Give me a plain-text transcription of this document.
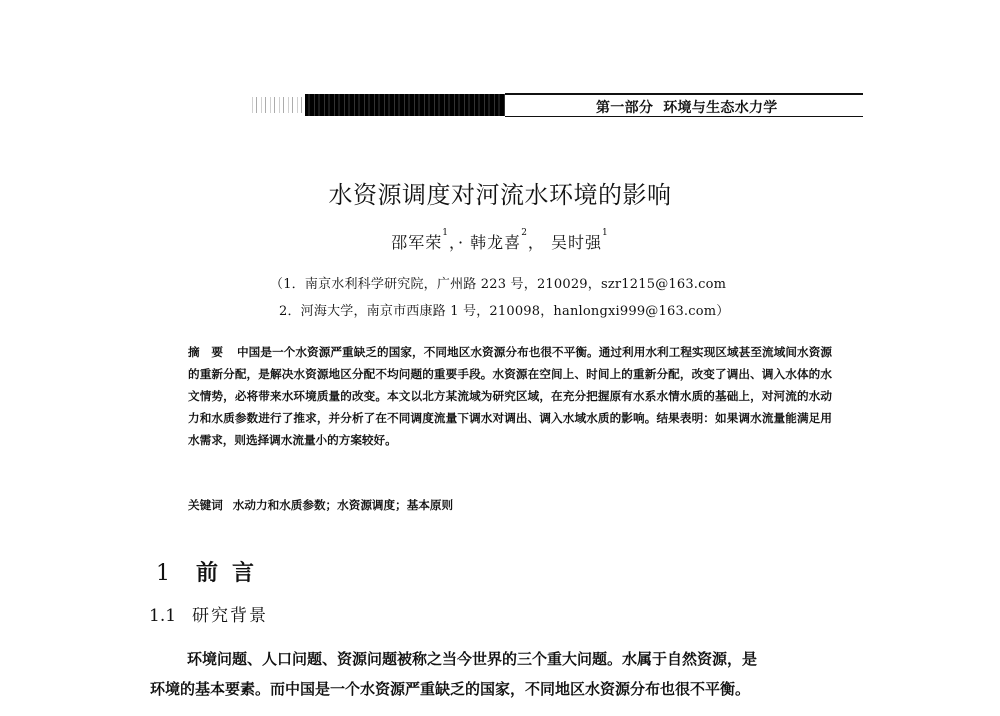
第一部分 环境与生态水力学
水资源调度对河流水环境的影响
邵军荣$^1$，· 韩龙喜$^2$， 吴时强$^1$
（1．南京水利科学研究院，广州路 223 号，210029，szr1215@163.com
2．河海大学，南京市西康路 1 号，210098，hanlongxi999@163.com）
摘　要 中国是一个水资源严重缺乏的国家，不同地区水资源分布也很不平衡。通过利用水利工程实现区域甚至流域间水资源的重新分配，是解决水资源地区分配不均问题的重要手段。水资源在空间上、时间上的重新分配，改变了调出、调入水体的水文情势，必将带来水环境质量的改变。本文以北方某流域为研究区域，在充分把握原有水系水情水质的基础上，对河流的水动力和水质参数进行了推求，并分析了在不同调度流量下调水对调出、调入水域水质的影响。结果表明：如果调水流量能满足用水需求，则选择调水流量小的方案较好。
关键词 水动力和水质参数；水资源调度；基本原则
1 前言
1.1 研究背景
环境问题、人口问题、资源问题被称之当今世界的三个重大问题。水属于自然资源，是
环境的基本要素。而中国是一个水资源严重缺乏的国家，不同地区水资源分布也很不平衡。
